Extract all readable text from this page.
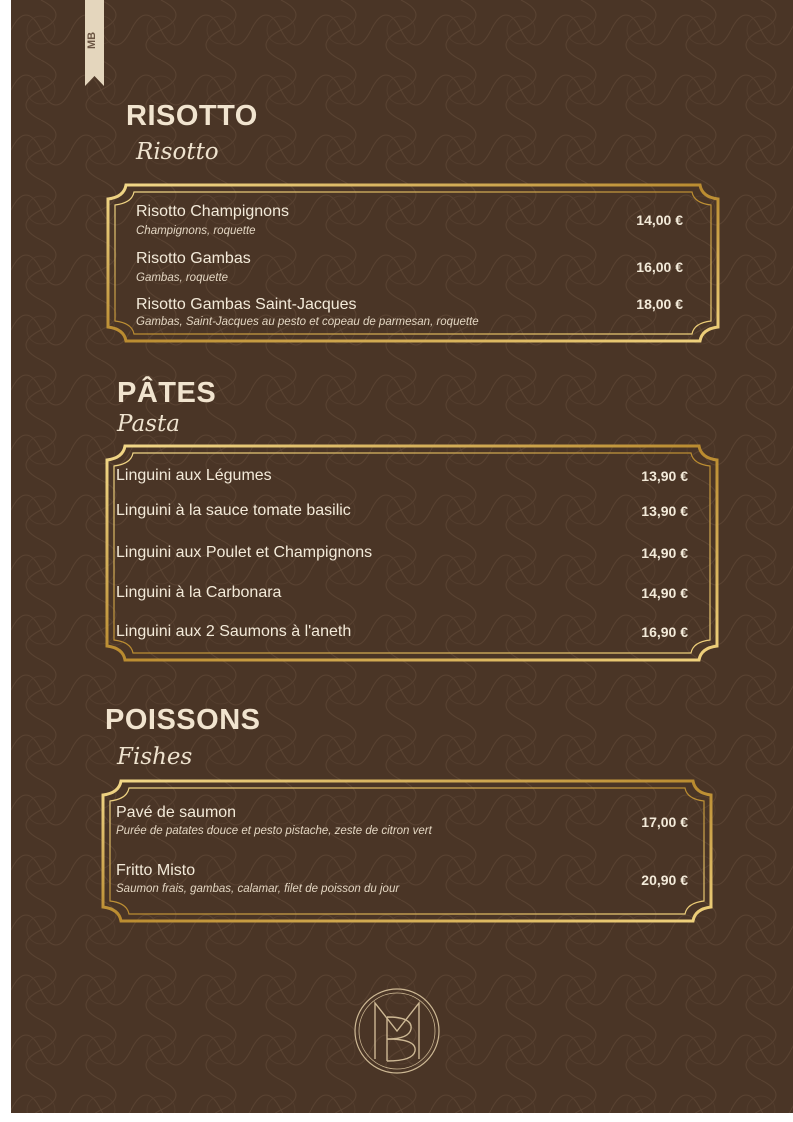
MB
RISOTTO
Risotto
Risotto Champignons
Champignons, roquette
14,00 €
Risotto Gambas
Gambas, roquette
16,00 €
Risotto Gambas Saint-Jacques
Gambas, Saint-Jacques au pesto et copeau de parmesan, roquette
18,00 €
PÂTES
Pasta
Linguini aux Légumes	13,90 €
Linguini à la sauce tomate basilic	13,90 €
Linguini aux Poulet et Champignons	14,90 €
Linguini à la Carbonara	14,90 €
Linguini aux 2 Saumons à l'aneth	16,90 €
POISSONS
Fishes
Pavé de saumon
Purée de patates douce et pesto pistache, zeste de citron vert
17,00 €
Fritto Misto
Saumon frais, gambas, calamar, filet de poisson du jour
20,90 €
